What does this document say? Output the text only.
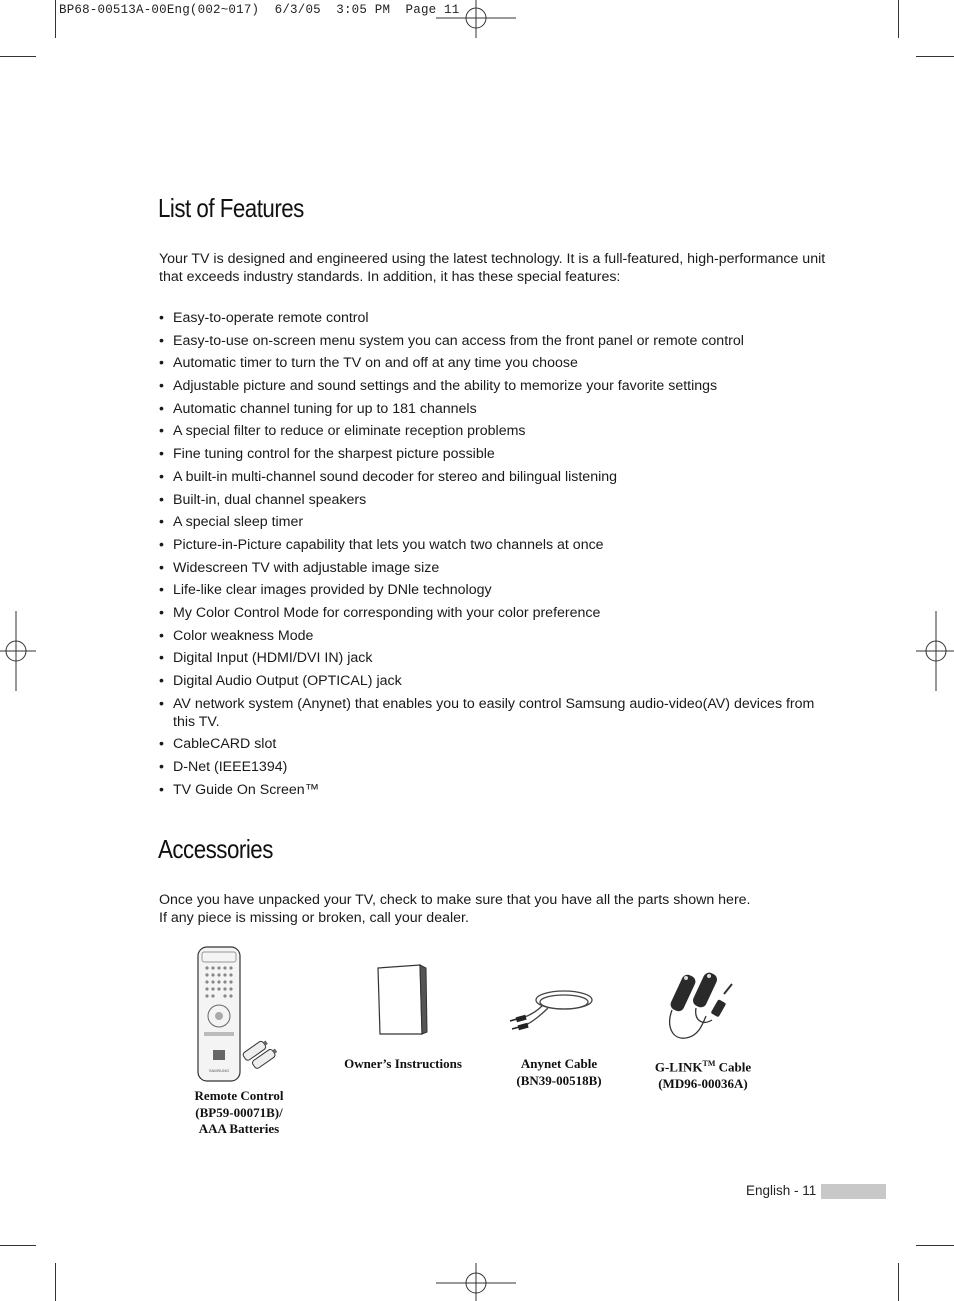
BP68-00513A-00Eng(002~017)  6/3/05  3:05 PM  Page 11
List of Features

Your TV is designed and engineered using the latest technology. It is a full-featured, high-performance unit that exceeds industry standards. In addition, it has these special features:

• Easy-to-operate remote control
• Easy-to-use on-screen menu system you can access from the front panel or remote control
• Automatic timer to turn the TV on and off at any time you choose
• Adjustable picture and sound settings and the ability to memorize your favorite settings
• Automatic channel tuning for up to 181 channels
• A special filter to reduce or eliminate reception problems
• Fine tuning control for the sharpest picture possible
• A built-in multi-channel sound decoder for stereo and bilingual listening
• Built-in, dual channel speakers
• A special sleep timer
• Picture-in-Picture capability that lets you watch two channels at once
• Widescreen TV with adjustable image size
• Life-like clear images provided by DNle technology
• My Color Control Mode for corresponding with your color preference
• Color weakness Mode
• Digital Input (HDMI/DVI IN) jack
• Digital Audio Output (OPTICAL) jack
• AV network system (Anynet) that enables you to easily control Samsung audio-video(AV) devices from this TV.
• CableCARD slot
• D-Net (IEEE1394)
• TV Guide On Screen™
Accessories

Once you have unpacked your TV, check to make sure that you have all the parts shown here.
If any piece is missing or broken, call your dealer.

SAMSUNG
Remote Control
(BP59-00071B)/
AAA Batteries
Owner’s Instructions	Anynet Cable
(BN39-00518B)
G-LINK™ Cable
(MD96-00036A)
English - 11
